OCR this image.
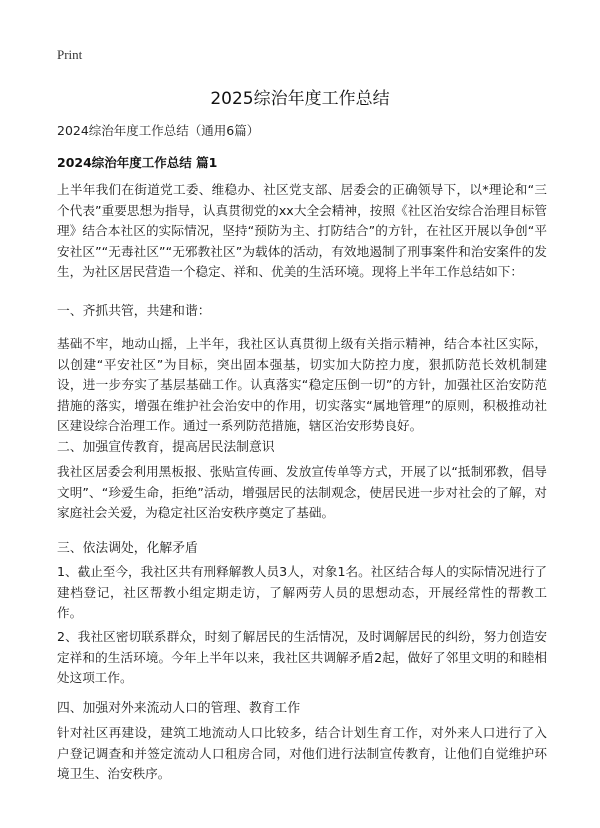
Print
2025综治年度工作总结
2024综治年度工作总结（通用6篇）
2024综治年度工作总结 篇1

上半年我们在街道党工委、维稳办、社区党支部、居委会的正确领导下，以*理论和“三个代表”重要思想为指导，认真贯彻党的xx大全会精神，按照《社区治安综合治理目标管理》结合本社区的实际情况，坚持“预防为主、打防结合”的方针，在社区开展以争创“平安社区”“无毒社区”“无邪教社区”为载体的活动，有效地遏制了刑事案件和治安案件的发生，为社区居民营造一个稳定、祥和、优美的生活环境。现将上半年工作总结如下：

一、齐抓共管，共建和谐：

基础不牢，地动山摇，上半年，我社区认真贯彻上级有关指示精神，结合本社区实际，以创建“平安社区”为目标，突出固本强基，切实加大防控力度，狠抓防范长效机制建设，进一步夯实了基层基础工作。认真落实“稳定压倒一切”的方针，加强社区治安防范措施的落实，增强在维护社会治安中的作用，切实落实“属地管理”的原则，积极推动社区建设综合治理工作。通过一系列防范措施，辖区治安形势良好。

二、加强宣传教育，提高居民法制意识

我社区居委会利用黑板报、张贴宣传画、发放宣传单等方式，开展了以“抵制邪教，倡导文明”、“珍爱生命，拒绝”活动，增强居民的法制观念，使居民进一步对社会的了解，对家庭社会关爱，为稳定社区治安秩序奠定了基础。

三、依法调处，化解矛盾

1、截止至今，我社区共有刑释解教人员3人，对象1名。社区结合每人的实际情况进行了建档登记，社区帮教小组定期走访，了解两劳人员的思想动态，开展经常性的帮教工作。

2、我社区密切联系群众，时刻了解居民的生活情况，及时调解居民的纠纷，努力创造安定祥和的生活环境。今年上半年以来，我社区共调解矛盾2起，做好了邻里文明的和睦相处这项工作。

四、加强对外来流动人口的管理、教育工作

针对社区再建设，建筑工地流动人口比较多，结合计划生育工作，对外来人口进行了入户登记调查和并签定流动人口租房合同，对他们进行法制宣传教育，让他们自觉维护环境卫生、治安秩序。
